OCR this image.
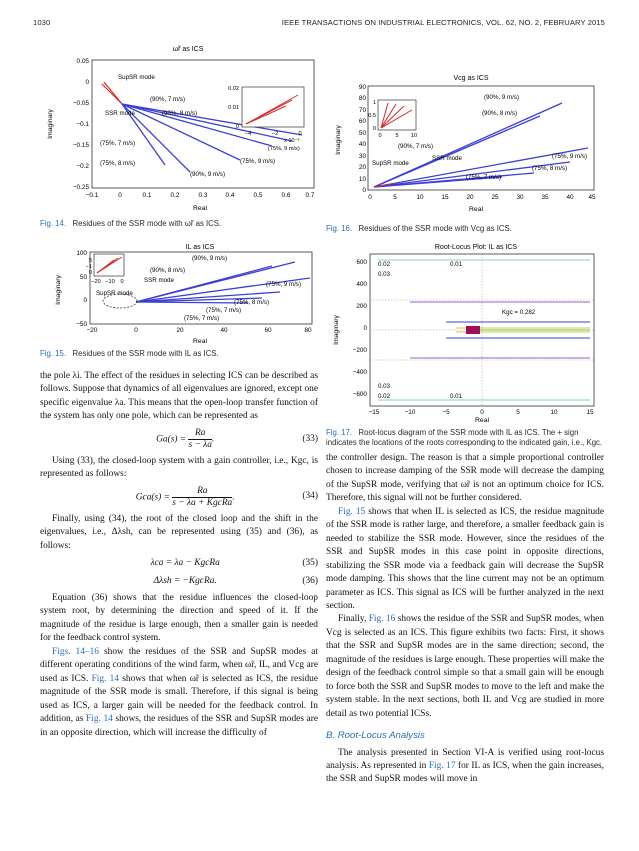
1030	IEEE TRANSACTIONS ON INDUSTRIAL ELECTRONICS, VOL. 62, NO. 2, FEBRUARY 2015
ω̃r as ICS
0.05
0
−0.05
−0.1
−0.15
−0.2
−0.25
−0.1	0	0.1	0.2	0.3	0.4	0.5	0.6 0.7
Real
Imaginary
SupSR mode
SSR mode
(75%, 7 m/s)
(75%, 8 m/s)
(90%, 7 m/s)
(90%, 8 m/s)
(75%, 9 m/s)
(90%, 9 m/s)
0.02
0.01
0
−4	−2	0
x 10⁻³
(75%, 9 m/s)
Fig. 14. Residues of the SSR mode with ω̃r as ICS.
IL as ICS
100
50
0
−50
−20	0	20	40	60	80
Real
Imaginary
5
−1
0
−20 −10 0
SupSR mode
SSR mode
(90%, 9 m/s)
(90%, 8 m/s)
(75%, 9 m/s)
(75%, 8 m/s)
(75%, 7 m/s)
(75%, 7 m/s)
Fig. 15. Residues of the SSR mode with IL as ICS.
Vcg as ICS
90
80
70
60
50
40
30
20
10
0
0	5	10	15	20	25	30	35	40 45
Real
Imaginary
1
0.5
0
0 5 10
SupSR mode
SSR mode
(90%, 9 m/s)
(90%, 8 m/s)
(75%, 9 m/s)
(75%, 8 m/s)
(75%, 7 m/s)
(90%, 7 m/s)
Fig. 16. Residues of the SSR mode with Vcg as ICS.
Root-Locus Plot: IL as ICS
600
400
200
0
−200
−400
−600
−15	−10	−5	0	5	10	15
Real
Imaginary
0.02
0.03
0.01
Kgc = 0.282
0.03
0.02	0.01
Fig. 17. Root-locus diagram of the SSR mode with IL as ICS. The + sign indicates the locations of the roots corresponding to the indicated gain, i.e., Kgc.

the pole λi. The effect of the residues in selecting ICS can be described as follows. Suppose that dynamics of all eigenvalues are ignored, except one specific eigenvalue λa. This means that the open-loop transfer function of the system has only one pole, which can be represented as

$Ga(s) = \frac{Ra}{s - \lambda a}$ .	(33)

Using (33), the closed-loop system with a gain controller, i.e., Kgc, is represented as follows:

$Gca(s) = \frac{Ra}{\text{s − λa + KgcRa}}$ .	(34)

Finally, using (34), the root of the closed loop and the shift in the eigenvalues, i.e., Δλsh, can be represented using (35) and (36), as follows:

λca = λa − KgcRa	(35)
Δλsh = −KgcRa.	(36)

Equation (36) shows that the residue influences the closed-loop system root, by determining the direction and speed of it. If the magnitude of the residue is large enough, then a smaller gain is needed for the feedback control system.

Figs. 14–16 show the residues of the SSR and SupSR modes at different operating conditions of the wind farm, when ω̃r, IL, and Vcg are used as ICS. Fig. 14 shows that when ω̃r is selected as ICS, the residue magnitude of the SSR mode is small. Therefore, if this signal is being used as ICS, a larger gain will be needed for the feedback control. In addition, as Fig. 14 shows, the residues of the SSR and SupSR modes are in an opposite direction, which will increase the difficulty of

the controller design. The reason is that a simple proportional controller chosen to increase damping of the SSR mode will decrease the damping of the SupSR mode, verifying that ω̃r is not an optimum choice for ICS. Therefore, this signal will not be further considered.

Fig. 15 shows that when IL is selected as ICS, the residue magnitude of the SSR mode is rather large, and therefore, a smaller feedback gain is needed to stabilize the SSR mode. However, since the residues of the SSR and SupSR modes in this case point in opposite directions, stabilizing the SSR mode via a feedback gain will decrease the SupSR mode damping. This shows that the line current may not be an optimum parameter as ICS. This signal as ICS will be further analyzed in the next section.

Finally, Fig. 16 shows the residue of the SSR and SupSR modes, when Vcg is selected as an ICS. This figure exhibits two facts: First, it shows that the SSR and SupSR modes are in the same direction; second, the magnitude of the residues is large enough. These properties will make the design of the feedback control simple so that a small gain will be enough to force both the SSR and SupSR modes to move to the left and make the system stable. In the next sections, both IL and Vcg are studied in more detail as two potential ICSs.

B. Root-Locus Analysis

The analysis presented in Section VI-A is verified using root-locus analysis. As represented in Fig. 17 for IL as ICS, when the gain increases, the SSR and SupSR modes will move in
